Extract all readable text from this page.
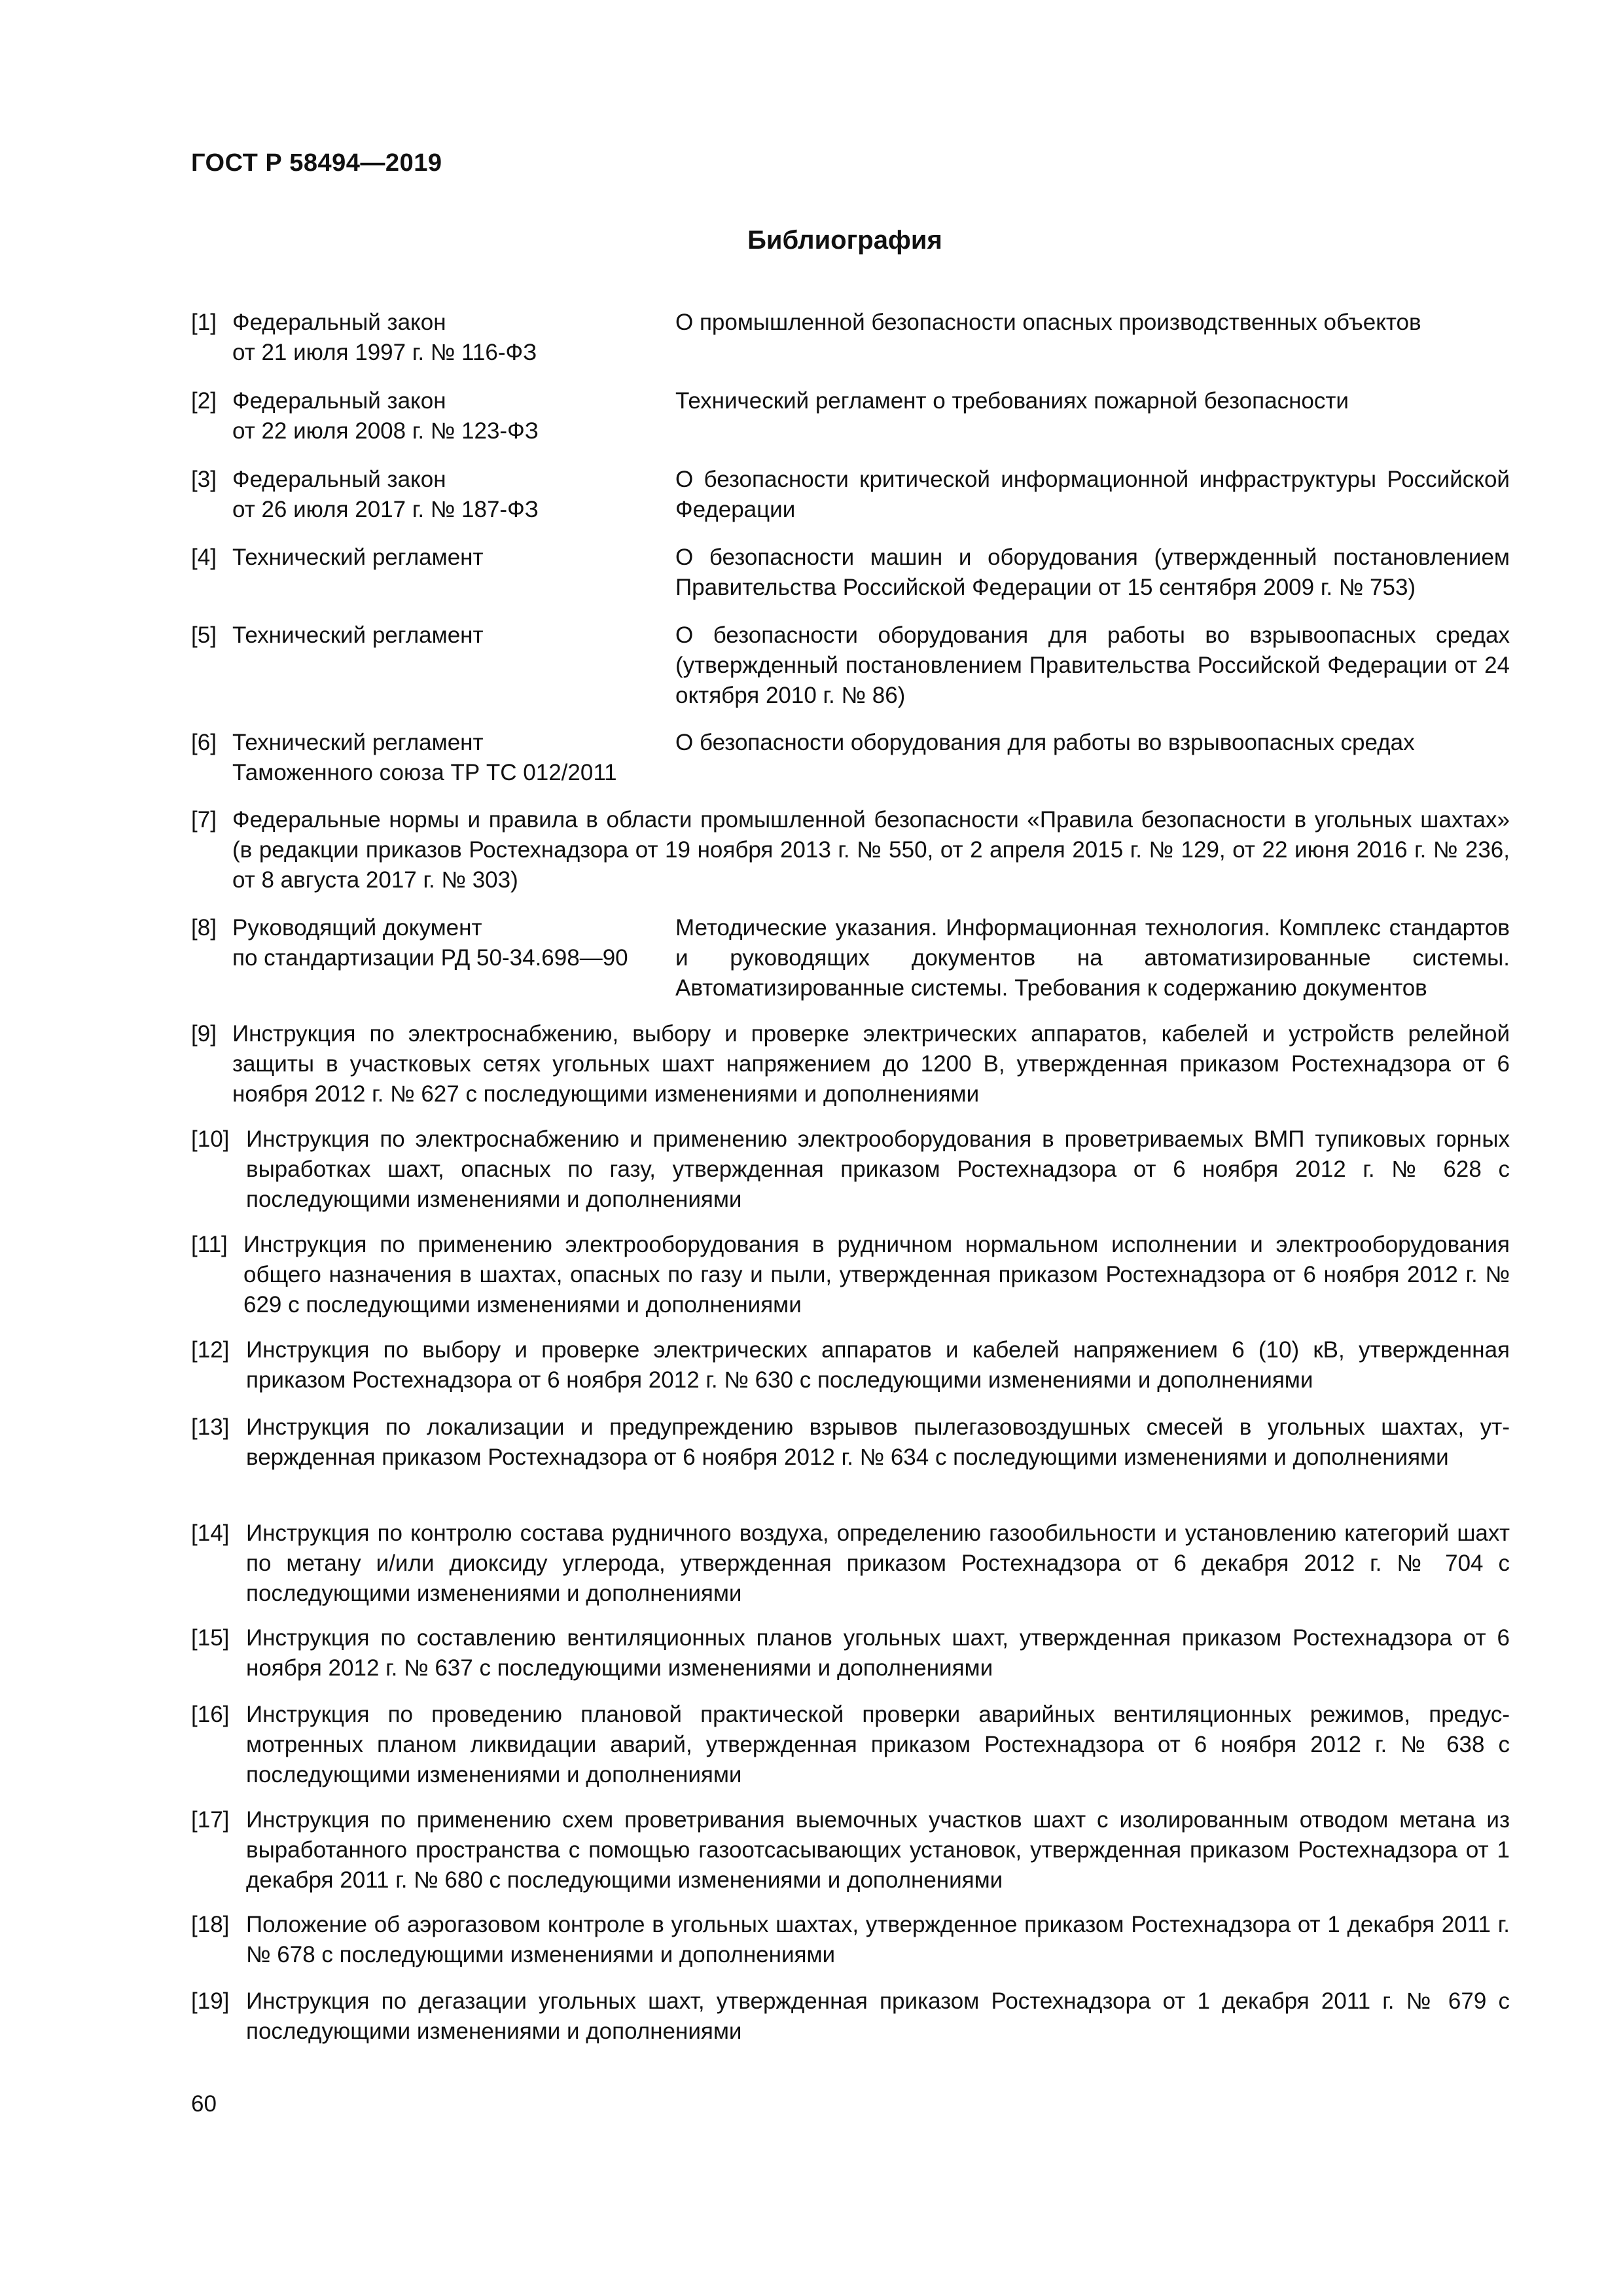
ГОСТ Р 58494—2019
Библиография
[1] Федеральный закон
от 21 июля 1997 г. № 116-ФЗ
О промышленной безопасности опасных производственных объектов
[2] Федеральный закон
от 22 июля 2008 г. № 123-ФЗ
Технический регламент о требованиях пожарной безопасности
[3] Федеральный закон
от 26 июля 2017 г. № 187-ФЗ
О безопасности критической информационной инфраструктуры Российской Федерации
[4] Технический регламент	О безопасности машин и оборудования (утвержденный постановлением Правительства Российской Федерации от 15 сентября 2009 г. № 753)
[5] Технический регламент	О безопасности оборудования для работы во взрывоопасных средах (утвержденный постановлением Правительства Российской Федерации от 24 октября 2010 г. № 86)
[6] Технический регламент
Таможенного союза ТР ТС 012/2011
О безопасности оборудования для работы во взрывоопасных средах
[7] Федеральные нормы и правила в области промышленной безопасности «Правила безопасности в угольных шахтах» (в редакции приказов Ростехнадзора от 19 ноября 2013 г. № 550, от 2 апреля 2015 г. № 129, от 22 июня 2016 г. № 236, от 8 августа 2017 г. № 303)
[8] Руководящий документ
по стандартизации РД 50-34.698—90
Методические указания. Информационная технология. Комплекс стандартов и руководящих документов на автоматизированные системы. Автоматизированные системы. Требования к содержанию документов
[9] Инструкция по электроснабжению, выбору и проверке электрических аппаратов, кабелей и устройств релейной защиты в участковых сетях угольных шахт напряжением до 1200 В, утвержденная приказом Ростехнадзора от 6 ноября 2012 г. № 627 с последующими изменениями и дополнениями
[10] Инструкция по электроснабжению и применению электрооборудования в проветриваемых ВМП тупиковых горных выработках шахт, опасных по газу, утвержденная приказом Ростехнадзора от 6 ноября 2012 г. № 628 с последующими изменениями и дополнениями
[11] Инструкция по применению электрооборудования в рудничном нормальном исполнении и электрооборудования общего назначения в шахтах, опасных по газу и пыли, утвержденная приказом Ростехнадзора от 6 ноября 2012 г. № 629 с последующими изменениями и дополнениями
[12] Инструкция по выбору и проверке электрических аппаратов и кабелей напряжением 6 (10) кВ, утвержденная приказом Ростехнадзора от 6 ноября 2012 г. № 630 с последующими изменениями и дополнениями
[13] Инструкция по локализации и предупреждению взрывов пылегазовоздушных смесей в угольных шахтах, утвержденная приказом Ростехнадзора от 6 ноября 2012 г. № 634 с последующими изменениями и дополнениями
[14] Инструкция по контролю состава рудничного воздуха, определению газообильности и установлению категорий шахт по метану и/или диоксиду углерода, утвержденная приказом Ростехнадзора от 6 декабря 2012 г. № 704 с последующими изменениями и дополнениями
[15] Инструкция по составлению вентиляционных планов угольных шахт, утвержденная приказом Ростехнадзора от 6 ноября 2012 г. № 637 с последующими изменениями и дополнениями
[16] Инструкция по проведению плановой практической проверки аварийных вентиляционных режимов, предусмотренных планом ликвидации аварий, утвержденная приказом Ростехнадзора от 6 ноября 2012 г. № 638 с последующими изменениями и дополнениями
[17] Инструкция по применению схем проветривания выемочных участков шахт с изолированным отводом метана из выработанного пространства с помощью газоотсасывающих установок, утвержденная приказом Ростехнадзора от 1 декабря 2011 г. № 680 с последующими изменениями и дополнениями
[18] Положение об аэрогазовом контроле в угольных шахтах, утвержденное приказом Ростехнадзора от 1 декабря 2011 г. № 678 с последующими изменениями и дополнениями
[19] Инструкция по дегазации угольных шахт, утвержденная приказом Ростехнадзора от 1 декабря 2011 г. № 679 с последующими изменениями и дополнениями
60
